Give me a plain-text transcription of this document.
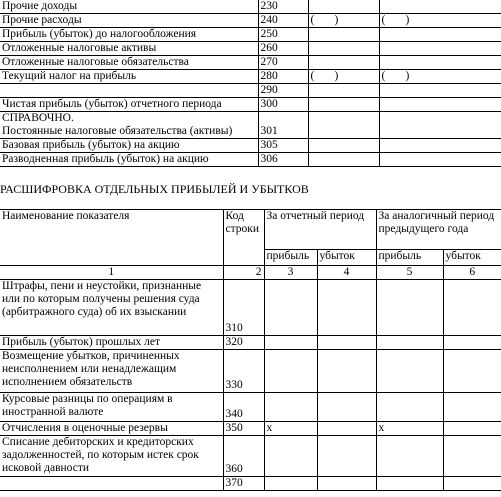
Прочие доходы	230		
Прочие расходы	240	(       )	(       )
Прибыль (убыток) до налогообложения	250		
Отложенные налоговые активы	260		
Отложенные налоговые обязательства	270		
Текущий налог на прибыль	280	(       )	(       )
	290		
Чистая прибыль (убыток) отчетного периода	300		

СПРАВОЧНО.
Постоянные налоговые обязательства (активы)	301		
Базовая прибыль (убыток) на акцию	305		
Разводненная прибыль (убыток) на акцию	306		
РАСШИФРОВКА ОТДЕЛЬНЫХ ПРИБЫЛЕЙ И УБЫТКОВ
Наименование показателя	Код строки	За отчетный период		За аналогичный период предыдущего года	
		прибыль	убыток	прибыль	убыток
1	2	3	4	5	6
Штрафы, пени и неустойки, признанные или по которым получены решения суда (арбитражного суда) об их взыскании	310				
Прибыль (убыток) прошлых лет	320				
Возмещение убытков, причиненных неисполнением или ненадлежащим исполнением обязательств	330				
Курсовые разницы по операциям в иностранной валюте	340				
Отчисления в оценочные резервы	350	х		х	
Списание дебиторских и кредиторских задолженностей, по которым истек срок исковой давности	360				
	370				
